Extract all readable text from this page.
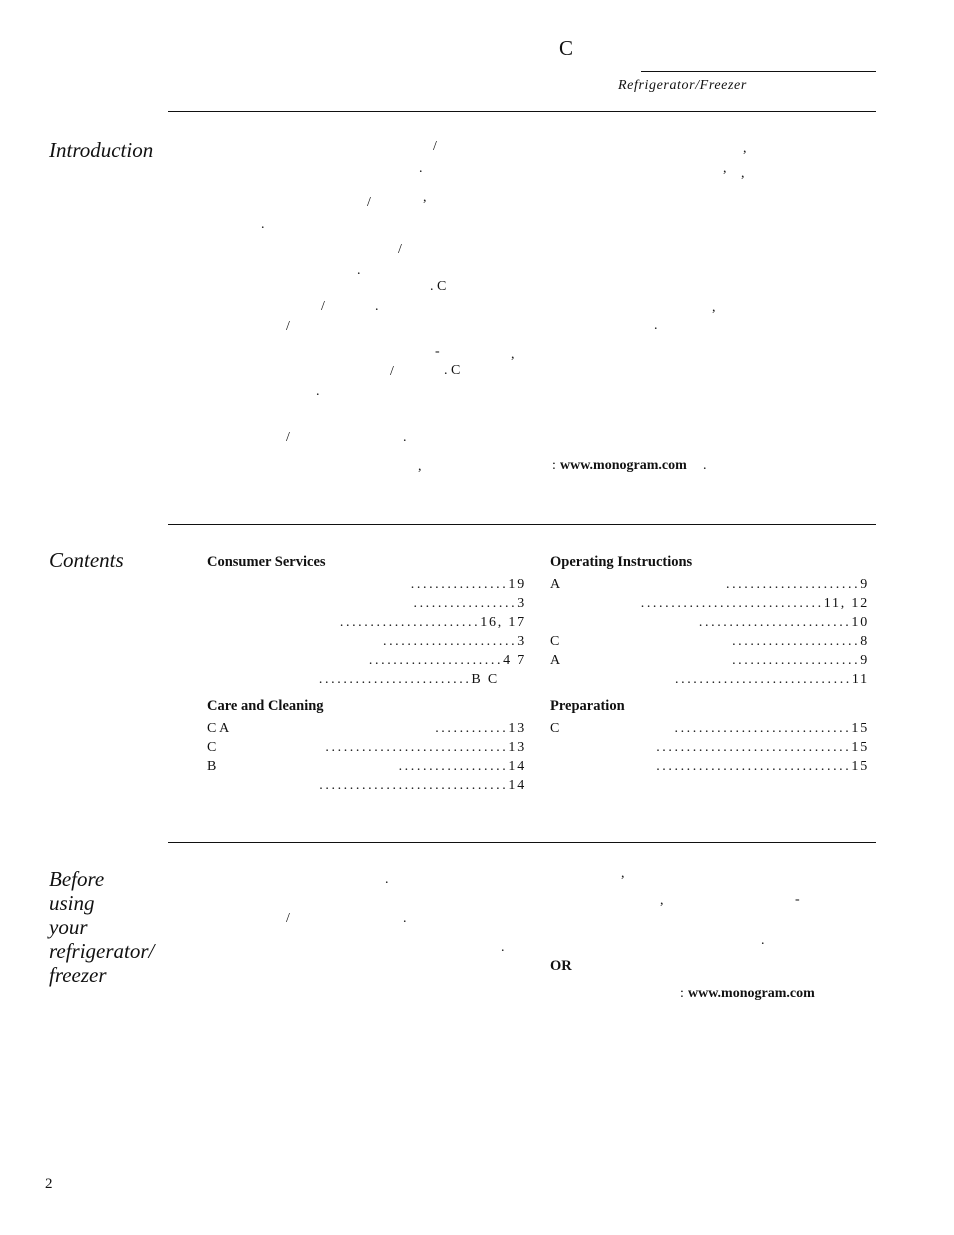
C
Refrigerator/Freezer
Introduction	/	,
.	, ,
/	,
.
/
.
. C
/	.	,
/	.
-	,
/	. C
.
/	.
,	: www.monogram.com .
Contents	Consumer Services
................19
.................3
.......................16, 17
......................3
......................4 7
.........................B C
Care and Cleaning
C A	............13
C	..............................13
B	..................14
...............................14
Operating Instructions
A	......................9
..............................11, 12
.........................10
C	.....................8
A	.....................9
.............................11
Preparation
C	.............................15
................................15
................................15
Before
using
your
refrigerator/
freezer
.
/	.
.
,
,	-
.
OR
: www.monogram.com
2
